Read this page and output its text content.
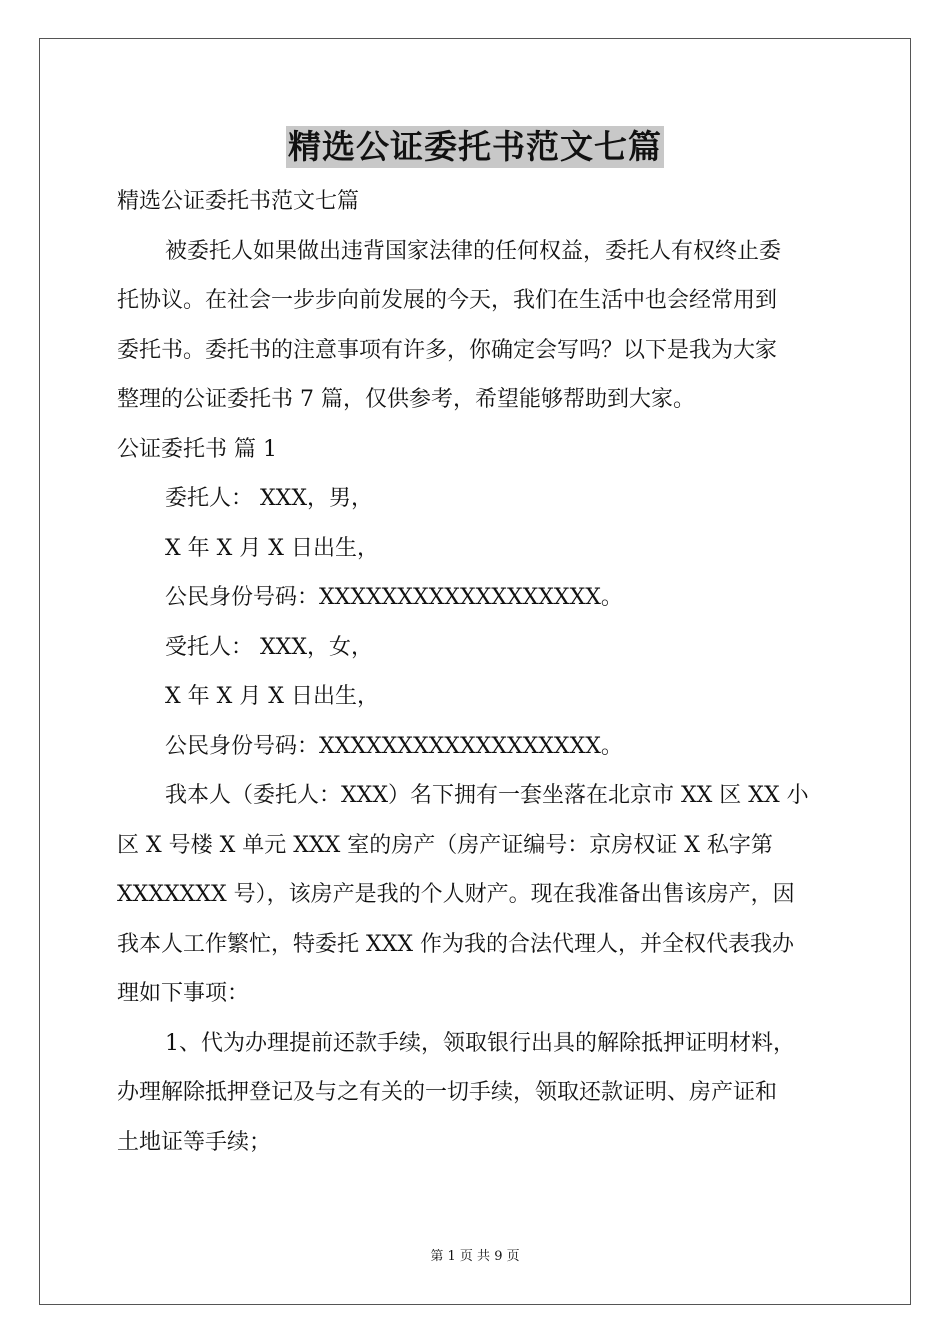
精选公证委托书范文七篇

精选公证委托书范文七篇

被委托人如果做出违背国家法律的任何权益，委托人有权终止委

托协议。在社会一步步向前发展的今天，我们在生活中也会经常用到

委托书。委托书的注意事项有许多，你确定会写吗？以下是我为大家

整理的公证委托书 7 篇，仅供参考，希望能够帮助到大家。

公证委托书 篇 1

委托人： XXX，男，

X 年 X 月 X 日出生，

公民身份号码：XXXXXXXXXXXXXXXXXX。

受托人： XXX，女，

X 年 X 月 X 日出生，

公民身份号码：XXXXXXXXXXXXXXXXXX。

我本人（委托人：XXX）名下拥有一套坐落在北京市 XX 区 XX 小

区 X 号楼 X 单元 XXX 室的房产（房产证编号：京房权证 X 私字第

XXXXXXX 号），该房产是我的个人财产。现在我准备出售该房产，因

我本人工作繁忙，特委托 XXX 作为我的合法代理人，并全权代表我办

理如下事项：

1、代为办理提前还款手续，领取银行出具的解除抵押证明材料，

办理解除抵押登记及与之有关的一切手续，领取还款证明、房产证和

土地证等手续；

第 1 页 共 9 页
